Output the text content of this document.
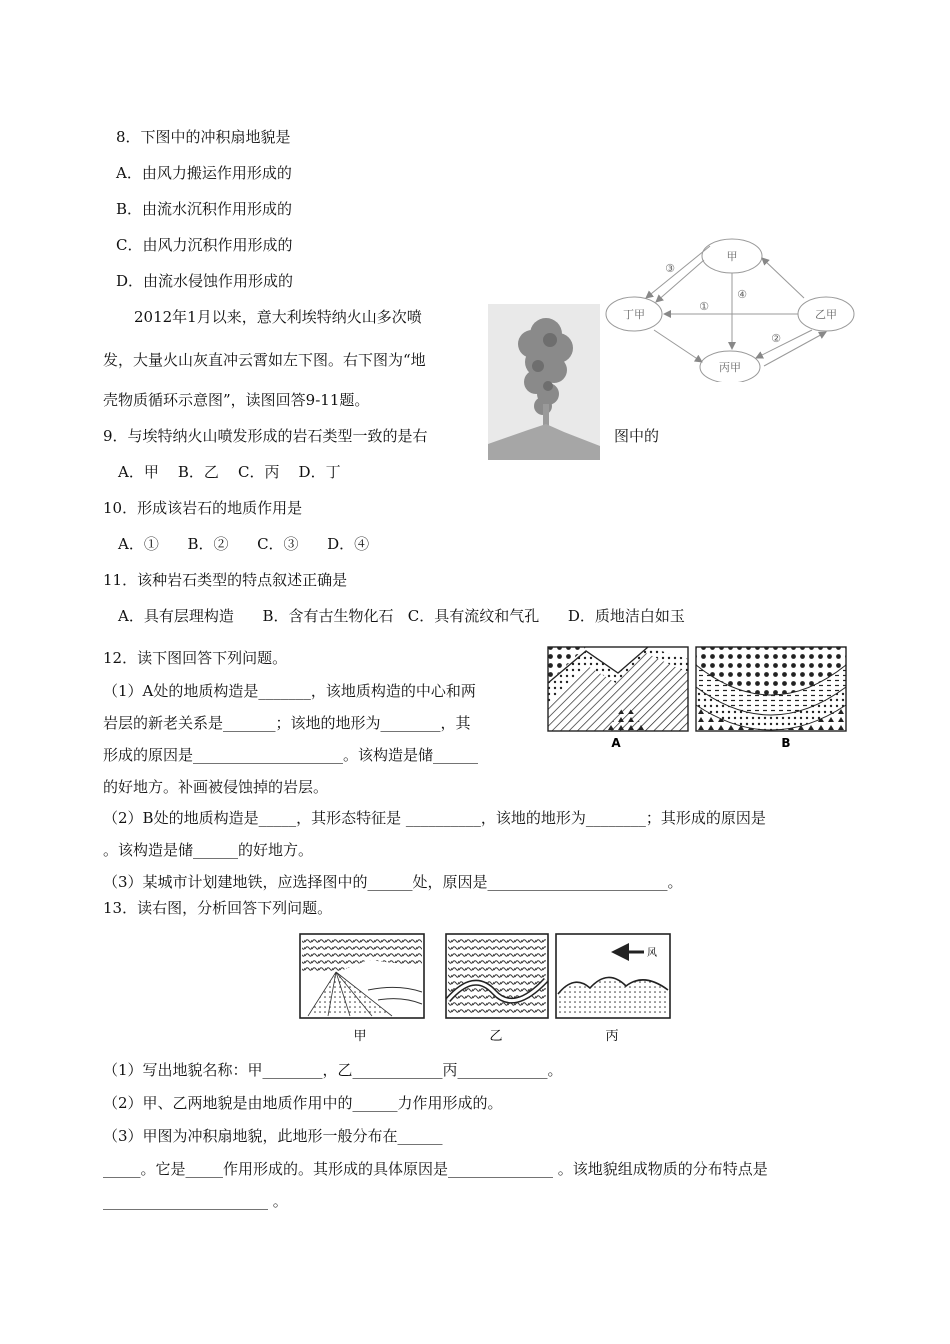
8．下图中的冲积扇地貌是
A．由风力搬运作用形成的
B．由流水沉积作用形成的
C．由风力沉积作用形成的
D．由流水侵蚀作用形成的
2012年1月以来，意大利埃特纳火山多次喷
发，大量火山灰直冲云霄如左下图。右下图为“地
壳物质循环示意图”，读图回答9-11题。
甲
丁甲	乙甲
丙甲
③
①
④
②
9．与埃特纳火山喷发形成的岩石类型一致的是右	图中的
A．甲    B．乙    C．丙    D．丁
10．形成该岩石的地质作用是
A．①      B．②      C．③      D．④
11．该种岩石类型的特点叙述正确是
A．具有层理构造      B．含有古生物化石   C．具有流纹和气孔      D．质地洁白如玉
12．读下图回答下列问题。
（1）A处的地质构造是_______，该地质构造的中心和两
岩层的新老关系是_______；该地的地形为________，其
形成的原因是____________________。该构造是储______
的好地方。补画被侵蚀掉的岩层。
（2）B处的地质构造是_____，其形态特征是 __________，该地的地形为________；其形成的原因是
。该构造是储______的好地方。
（3）某城市计划建地铁，应选择图中的______处，原因是________________________。
A	B
13．读右图，分析回答下列问题。
风
甲	乙	丙
（1）写出地貌名称：甲________，乙____________丙____________。
（2）甲、乙两地貌是由地质作用中的______力作用形成的。
（3）甲图为冲积扇地貌，此地形一般分布在______
_____。它是_____作用形成的。其形成的具体原因是______________ 。该地貌组成物质的分布特点是
______________________ 。
